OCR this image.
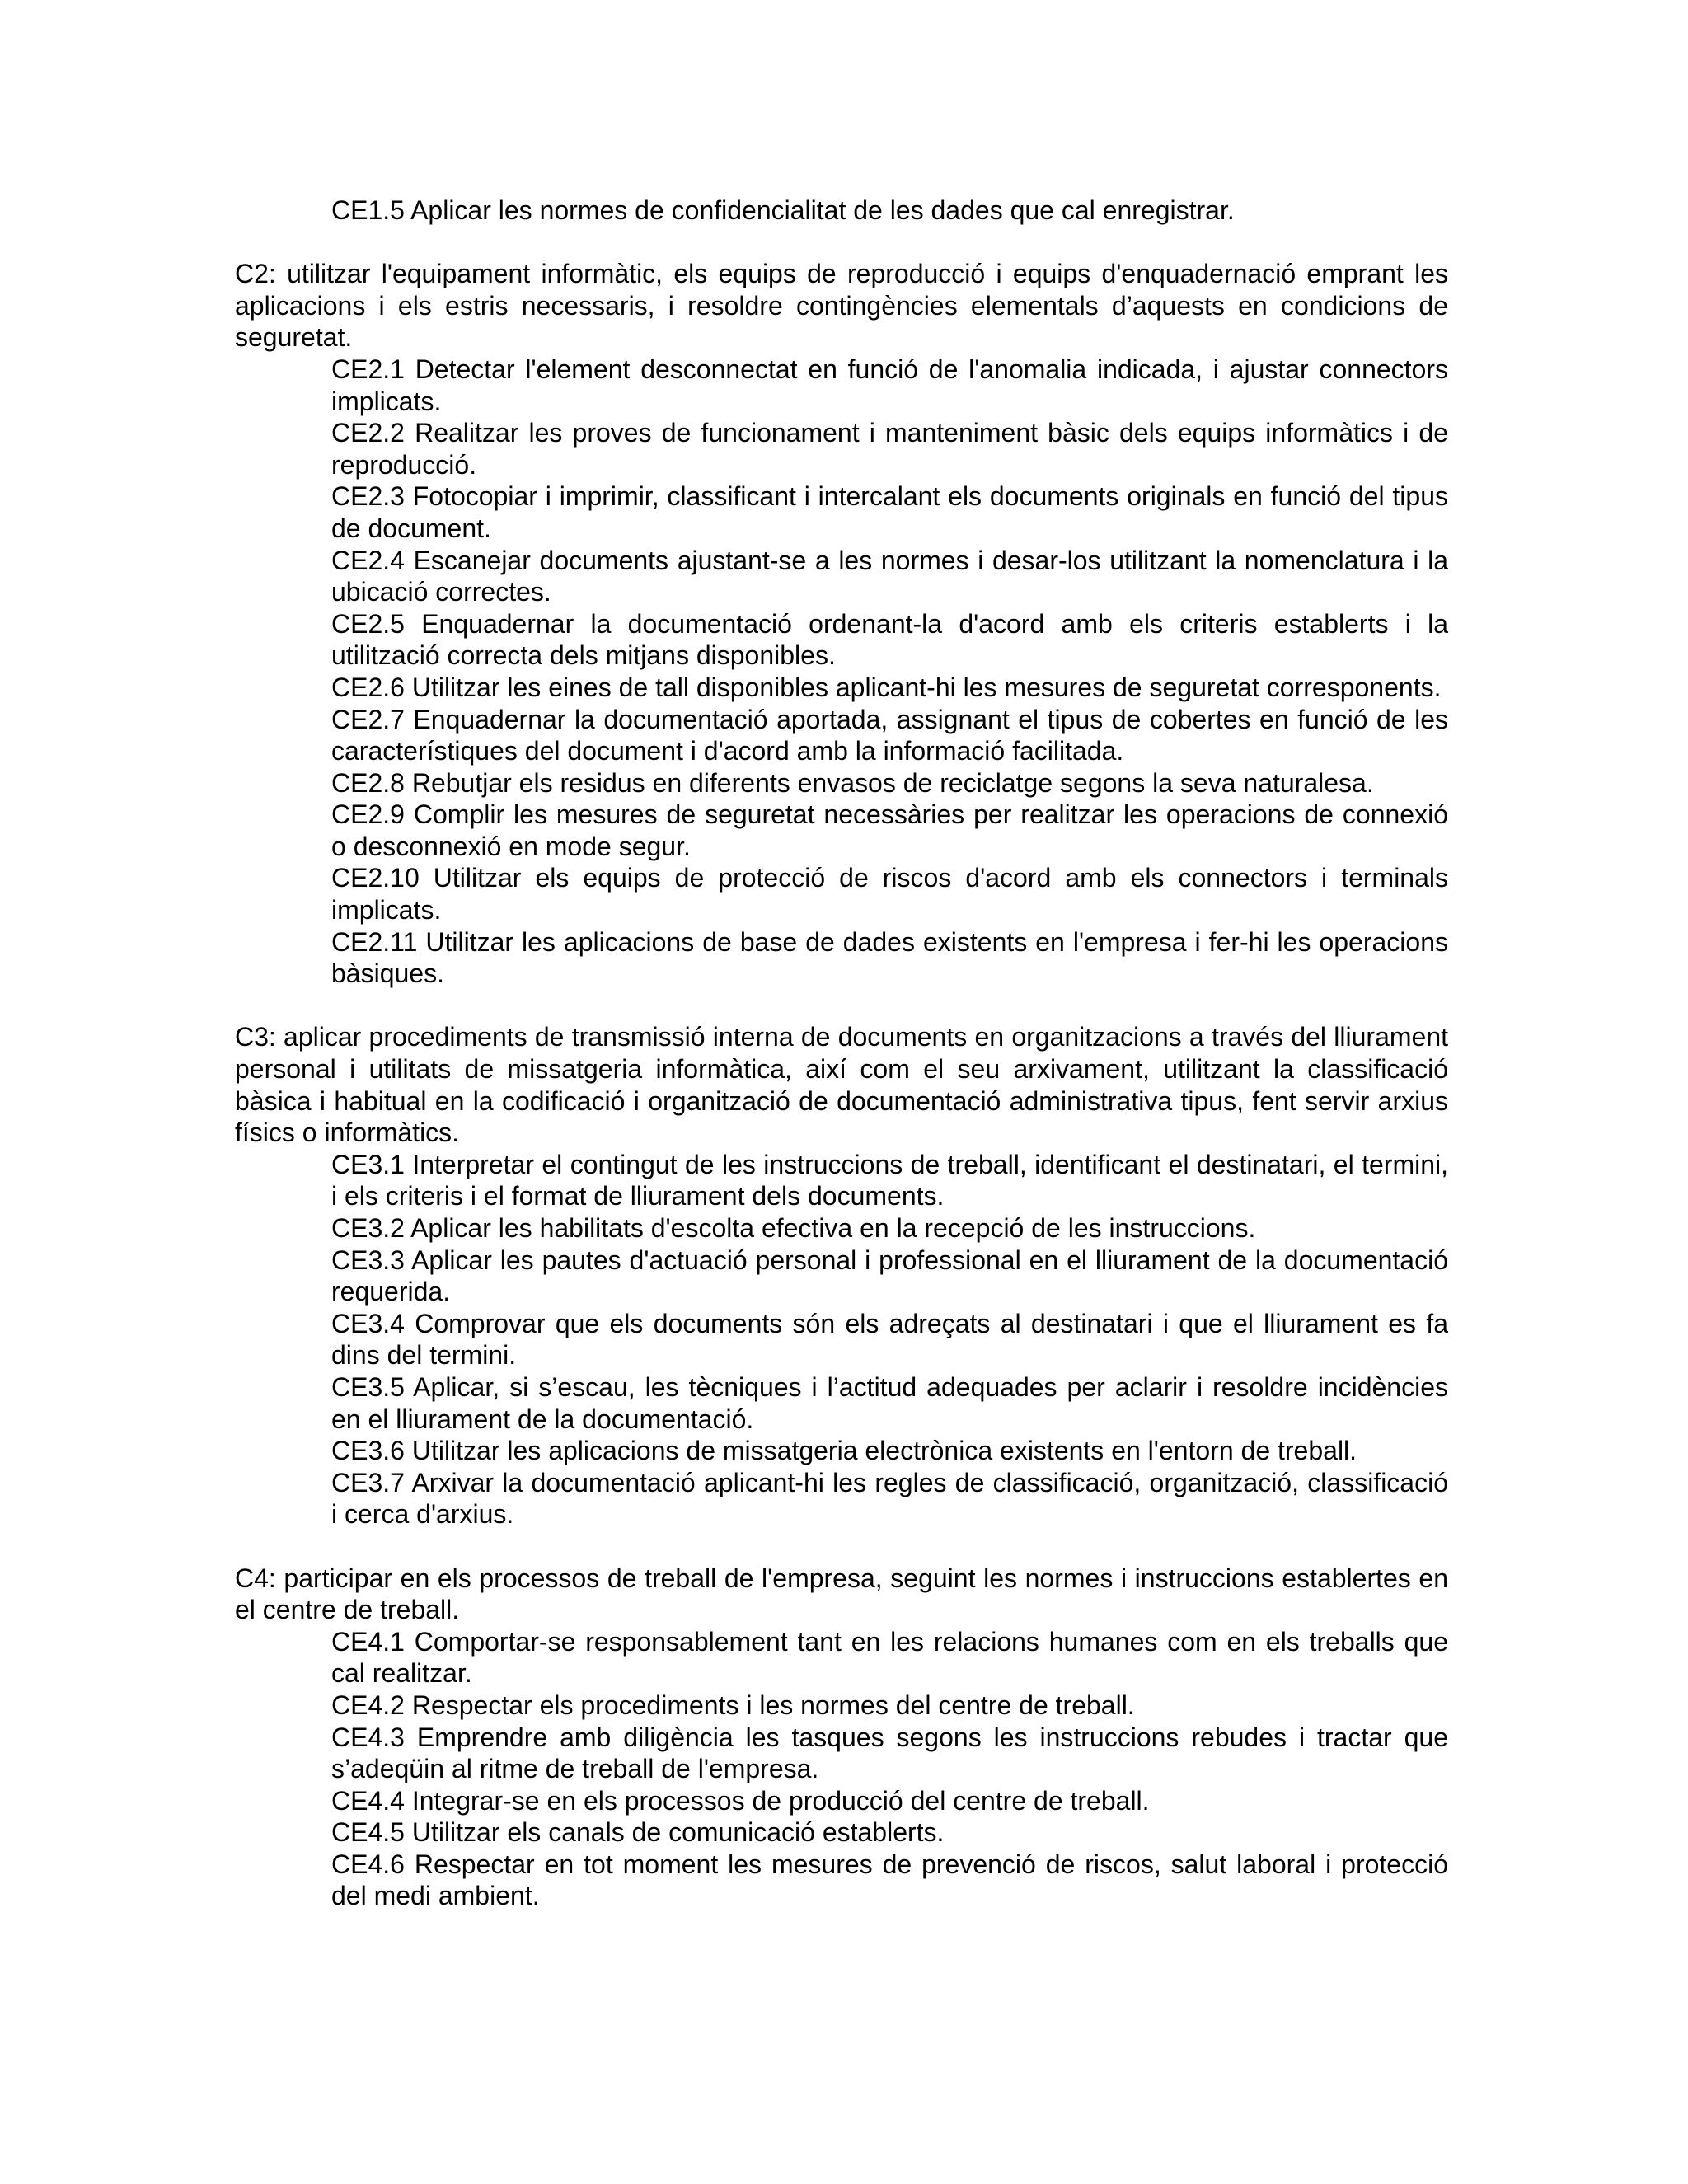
CE1.5 Aplicar les normes de confidencialitat de les dades que cal enregistrar.

C2: utilitzar l'equipament informàtic, els equips de reproducció i equips d'enquadernació emprant les aplicacions i els estris necessaris, i resoldre contingències elementals d’aquests en condicions de seguretat.

CE2.1 Detectar l'element desconnectat en funció de l'anomalia indicada, i ajustar connectors implicats.

CE2.2 Realitzar les proves de funcionament i manteniment bàsic dels equips informàtics i de reproducció.

CE2.3 Fotocopiar i imprimir, classificant i intercalant els documents originals en funció del tipus de document.

CE2.4 Escanejar documents ajustant-se a les normes i desar-los utilitzant la nomenclatura i la ubicació correctes.

CE2.5 Enquadernar la documentació ordenant-la d'acord amb els criteris establerts i la utilització correcta dels mitjans disponibles.

CE2.6 Utilitzar les eines de tall disponibles aplicant-hi les mesures de seguretat corresponents.

CE2.7 Enquadernar la documentació aportada, assignant el tipus de cobertes en funció de les característiques del document i d'acord amb la informació facilitada.

CE2.8 Rebutjar els residus en diferents envasos de reciclatge segons la seva naturalesa.

CE2.9 Complir les mesures de seguretat necessàries per realitzar les operacions de connexió o desconnexió en mode segur.

CE2.10 Utilitzar els equips de protecció de riscos d'acord amb els connectors i terminals implicats.

CE2.11 Utilitzar les aplicacions de base de dades existents en l'empresa i fer-hi les operacions bàsiques.

C3: aplicar procediments de transmissió interna de documents en organitzacions a través del lliurament personal i utilitats de missatgeria informàtica, així com el seu arxivament, utilitzant la classificació bàsica i habitual en la codificació i organització de documentació administrativa tipus, fent servir arxius físics o informàtics.

CE3.1 Interpretar el contingut de les instruccions de treball, identificant el destinatari, el termini, i els criteris i el format de lliurament dels documents.

CE3.2 Aplicar les habilitats d'escolta efectiva en la recepció de les instruccions.

CE3.3 Aplicar les pautes d'actuació personal i professional en el lliurament de la documentació requerida.

CE3.4 Comprovar que els documents són els adreçats al destinatari i que el lliurament es fa dins del termini.

CE3.5 Aplicar, si s’escau, les tècniques i l’actitud adequades per aclarir i resoldre incidències en el lliurament de la documentació.

CE3.6 Utilitzar les aplicacions de missatgeria electrònica existents en l'entorn de treball.

CE3.7 Arxivar la documentació aplicant-hi les regles de classificació, organització, classificació i cerca d'arxius.

C4: participar en els processos de treball de l'empresa, seguint les normes i instruccions establertes en el centre de treball.

CE4.1 Comportar-se responsablement tant en les relacions humanes com en els treballs que cal realitzar.

CE4.2 Respectar els procediments i les normes del centre de treball.

CE4.3 Emprendre amb diligència les tasques segons les instruccions rebudes i tractar que s’adeqüin al ritme de treball de l'empresa.

CE4.4 Integrar-se en els processos de producció del centre de treball.

CE4.5 Utilitzar els canals de comunicació establerts.

CE4.6 Respectar en tot moment les mesures de prevenció de riscos, salut laboral i protecció del medi ambient.
